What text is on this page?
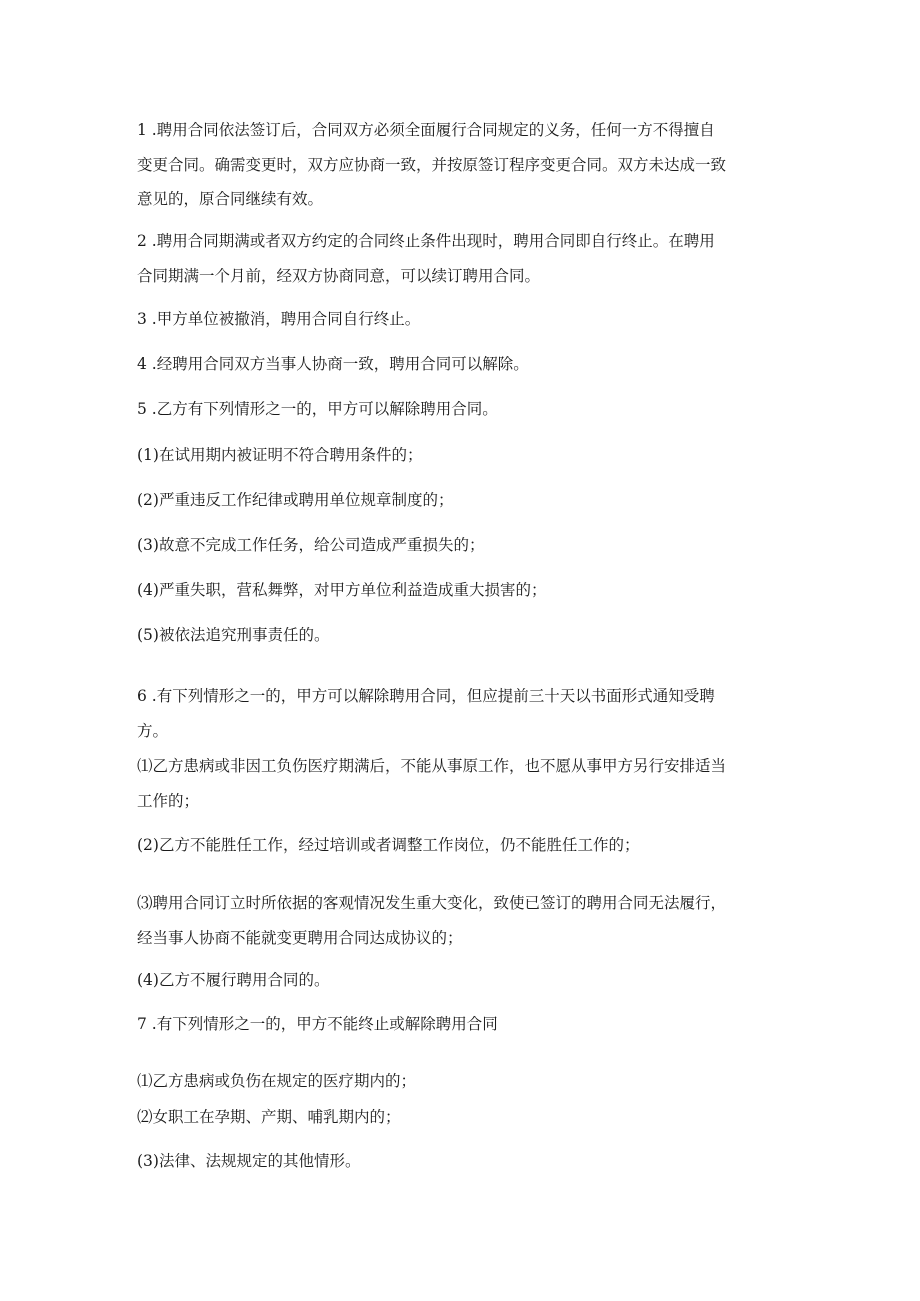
1 .聘用合同依法签订后，合同双方必须全面履行合同规定的义务，任何一方不得擅自
变更合同。确需变更时，双方应协商一致，并按原签订程序变更合同。双方未达成一致
意见的，原合同继续有效。
2 .聘用合同期满或者双方约定的合同终止条件出现时，聘用合同即自行终止。在聘用
合同期满一个月前，经双方协商同意，可以续订聘用合同。
3 .甲方单位被撤消，聘用合同自行终止。
4 .经聘用合同双方当事人协商一致，聘用合同可以解除。
5 .乙方有下列情形之一的，甲方可以解除聘用合同。
(1)在试用期内被证明不符合聘用条件的；
(2)严重违反工作纪律或聘用单位规章制度的；
(3)故意不完成工作任务，给公司造成严重损失的；
(4)严重失职，营私舞弊，对甲方单位利益造成重大损害的；
(5)被依法追究刑事责任的。
6 .有下列情形之一的，甲方可以解除聘用合同，但应提前三十天以书面形式通知受聘
方。
⑴乙方患病或非因工负伤医疗期满后，不能从事原工作，也不愿从事甲方另行安排适当
工作的；
(2)乙方不能胜任工作，经过培训或者调整工作岗位，仍不能胜任工作的；
⑶聘用合同订立时所依据的客观情况发生重大变化，致使已签订的聘用合同无法履行，
经当事人协商不能就变更聘用合同达成协议的；
(4)乙方不履行聘用合同的。
7 .有下列情形之一的，甲方不能终止或解除聘用合同
⑴乙方患病或负伤在规定的医疗期内的；
⑵女职工在孕期、产期、哺乳期内的；
(3)法律、法规规定的其他情形。
